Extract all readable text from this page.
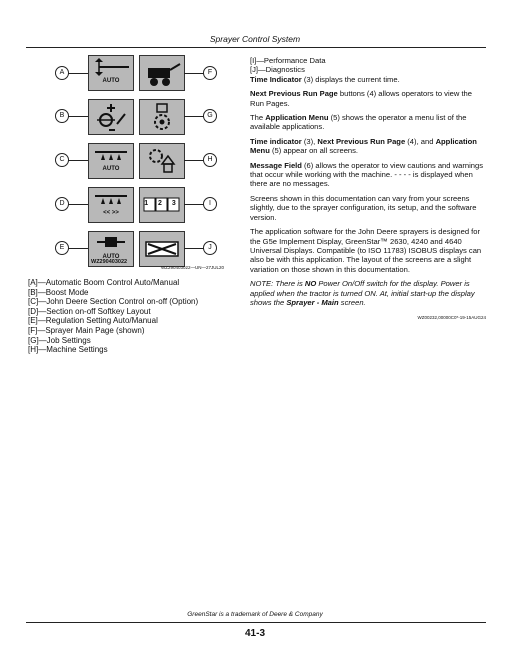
Sprayer Control System
AUTO
AUTO
<< >>
AUTO
1 2 3
A
B
C
D
E
F
G
H
I
J
WZ290403022
WZ290403022—UN—27JUL20
[A]—Automatic Boom Control Auto/Manual
[B]—Boost Mode
[C]—John Deere Section Control on-off (Option)
[D]—Section on-off Softkey Layout
[E]—Regulation Setting Auto/Manual
[F]—Sprayer Main Page (shown)
[G]—Job Settings
[H]—Machine Settings

[I]—Performance Data

[J]—Diagnostics

Time Indicator (3) displays the current time.

Next Previous Run Page buttons (4) allows operators to view the Run Pages.

The Application Menu (5) shows the operator a menu list of the available applications.

Time indicator (3), Next Previous Run Page (4), and Application Menu (5) appear on all screens.

Message Field (6) allows the operator to view cautions and warnings that occur while working with the machine. - - - - is displayed when there are no messages.

Screens shown in this documentation can vary from your screens slightly, due to the sprayer configuration, its setup, and the software version.

The application software for the John Deere sprayers is designed for the G5e Implement Display, GreenStar™ 2630, 4240 and 4640 Universal Displays. Compatible (to ISO 11783) ISOBUS displays can also be with this application. The layout of the screens are a slight variation on those shown in this documentation.

NOTE: There is NO Power On/Off switch for the display. Power is applied when the tractor is turned ON. At, initial start-up the display shows the Sprayer - Main screen.

WZ00232,00000C0*-19-15AUG24

GreenStar is a trademark of Deere & Company
41-3
